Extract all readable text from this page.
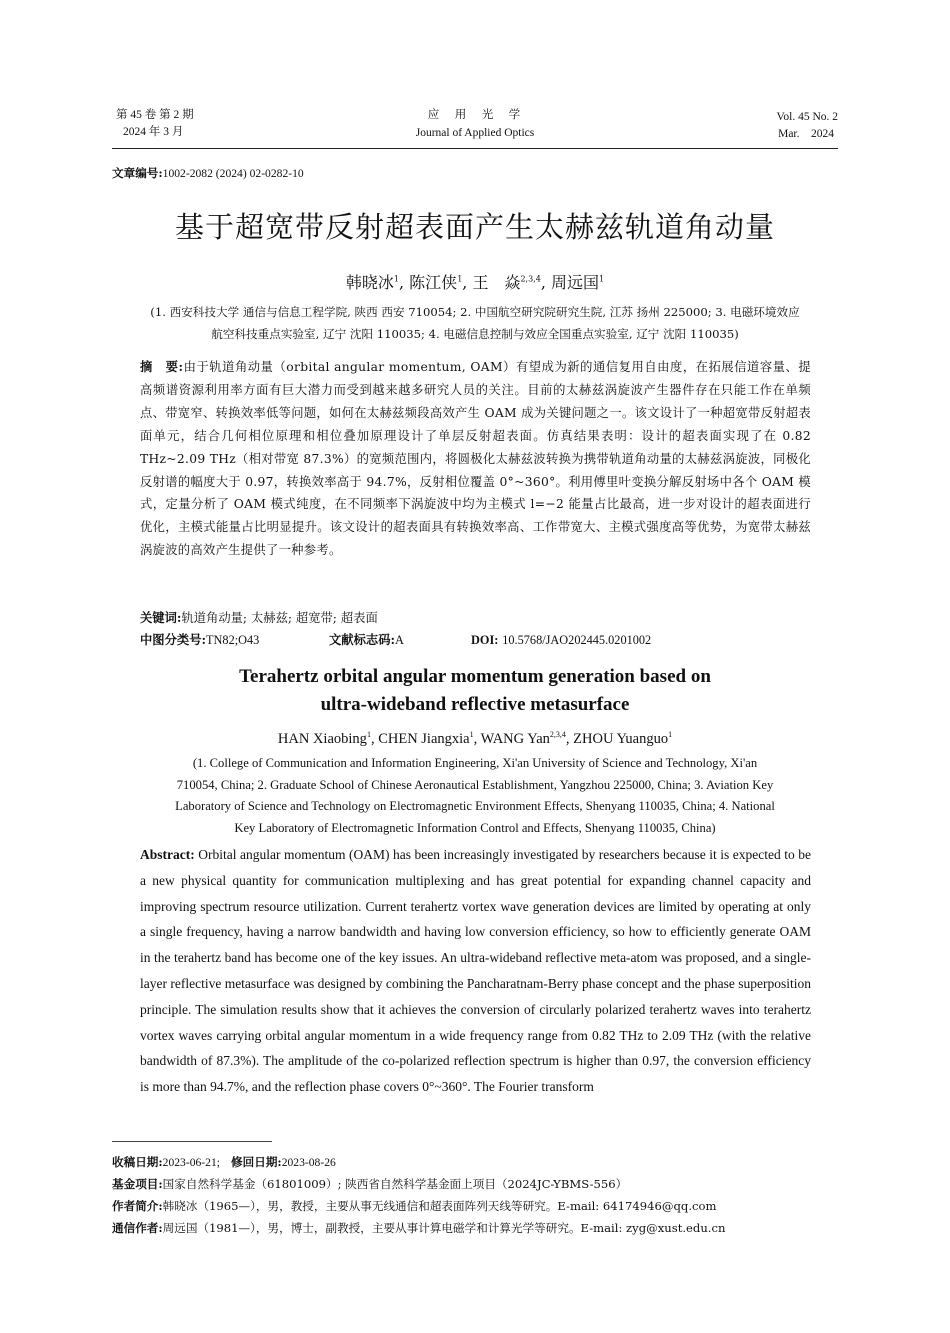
第 45 卷 第 2 期
2024 年 3 月
应　用　光　学
Journal of Applied Optics
Vol. 45 No. 2
Mar.　2024
文章编号:1002-2082 (2024) 02-0282-10
基于超宽带反射超表面产生太赫兹轨道角动量
韩晓冰$^1$, 陈江侠$^1$, 王　焱$^{2,3,4}$, 周远国$^1$
(1. 西安科技大学 通信与信息工程学院, 陕西 西安 710054; 2. 中国航空研究院研究生院, 江苏 扬州 225000; 3. 电磁环境效应
航空科技重点实验室, 辽宁 沈阳 110035; 4. 电磁信息控制与效应全国重点实验室, 辽宁 沈阳 110035)
摘　要:由于轨道角动量（orbital angular momentum, OAM）有望成为新的通信复用自由度，在拓展信道容量、提高频谱资源利用率方面有巨大潜力而受到越来越多研究人员的关注。目前的太赫兹涡旋波产生器件存在只能工作在单频点、带宽窄、转换效率低等问题，如何在太赫兹频段高效产生 OAM 成为关键问题之一。该文设计了一种超宽带反射超表面单元，结合几何相位原理和相位叠加原理设计了单层反射超表面。仿真结果表明：设计的超表面实现了在 0.82 THz~2.09 THz（相对带宽 87.3%）的宽频范围内，将圆极化太赫兹波转换为携带轨道角动量的太赫兹涡旋波，同极化反射谱的幅度大于 0.97，转换效率高于 94.7%，反射相位覆盖 0°~360°。利用傅里叶变换分解反射场中各个 OAM 模式，定量分析了 OAM 模式纯度，在不同频率下涡旋波中均为主模式 l=−2 能量占比最高，进一步对设计的超表面进行优化，主模式能量占比明显提升。该文设计的超表面具有转换效率高、工作带宽大、主模式强度高等优势，为宽带太赫兹涡旋波的高效产生提供了一种参考。
关键词:轨道角动量; 太赫兹; 超宽带; 超表面
中图分类号:TN82;O43	文献标志码:A	DOI: 10.5768/JAO202445.0201002
Terahertz orbital angular momentum generation based on
ultra-wideband reflective metasurface
HAN Xiaobing$^1$, CHEN Jiangxia$^1$, WANG Yan$^{2,3,4}$, ZHOU Yuanguo$^1$
(1. College of Communication and Information Engineering, Xi'an University of Science and Technology, Xi'an
710054, China; 2. Graduate School of Chinese Aeronautical Establishment, Yangzhou 225000, China; 3. Aviation Key
Laboratory of Science and Technology on Electromagnetic Environment Effects, Shenyang 110035, China; 4. National
Key Laboratory of Electromagnetic Information Control and Effects, Shenyang 110035, China)
Abstract: Orbital angular momentum (OAM) has been increasingly investigated by researchers because it is expected to be a new physical quantity for communication multiplexing and has great potential for expanding channel capacity and improving spectrum resource utilization. Current terahertz vortex wave generation devices are limited by operating at only a single frequency, having a narrow bandwidth and having low conversion efficiency, so how to efficiently generate OAM in the terahertz band has become one of the key issues. An ultra-wideband reflective meta-atom was proposed, and a single-layer reflective metasurface was designed by combining the Pancharatnam-Berry phase concept and the phase superposition principle. The simulation results show that it achieves the conversion of circularly polarized terahertz waves into terahertz vortex waves carrying orbital angular momentum in a wide frequency range from 0.82 THz to 2.09 THz (with the relative bandwidth of 87.3%). The amplitude of the co-polarized reflection spectrum is higher than 0.97, the conversion efficiency is more than 94.7%, and the reflection phase covers 0°~360°. The Fourier transform
收稿日期:2023-06-21; 修回日期:2023-08-26
基金项目:国家自然科学基金（61801009）; 陕西省自然科学基金面上项目（2024JC-YBMS-556）
作者简介:韩晓冰（1965—），男，教授，主要从事无线通信和超表面阵列天线等研究。E-mail: 64174946@qq.com
通信作者:周远国（1981—），男，博士，副教授，主要从事计算电磁学和计算光学等研究。E-mail: zyg@xust.edu.cn
